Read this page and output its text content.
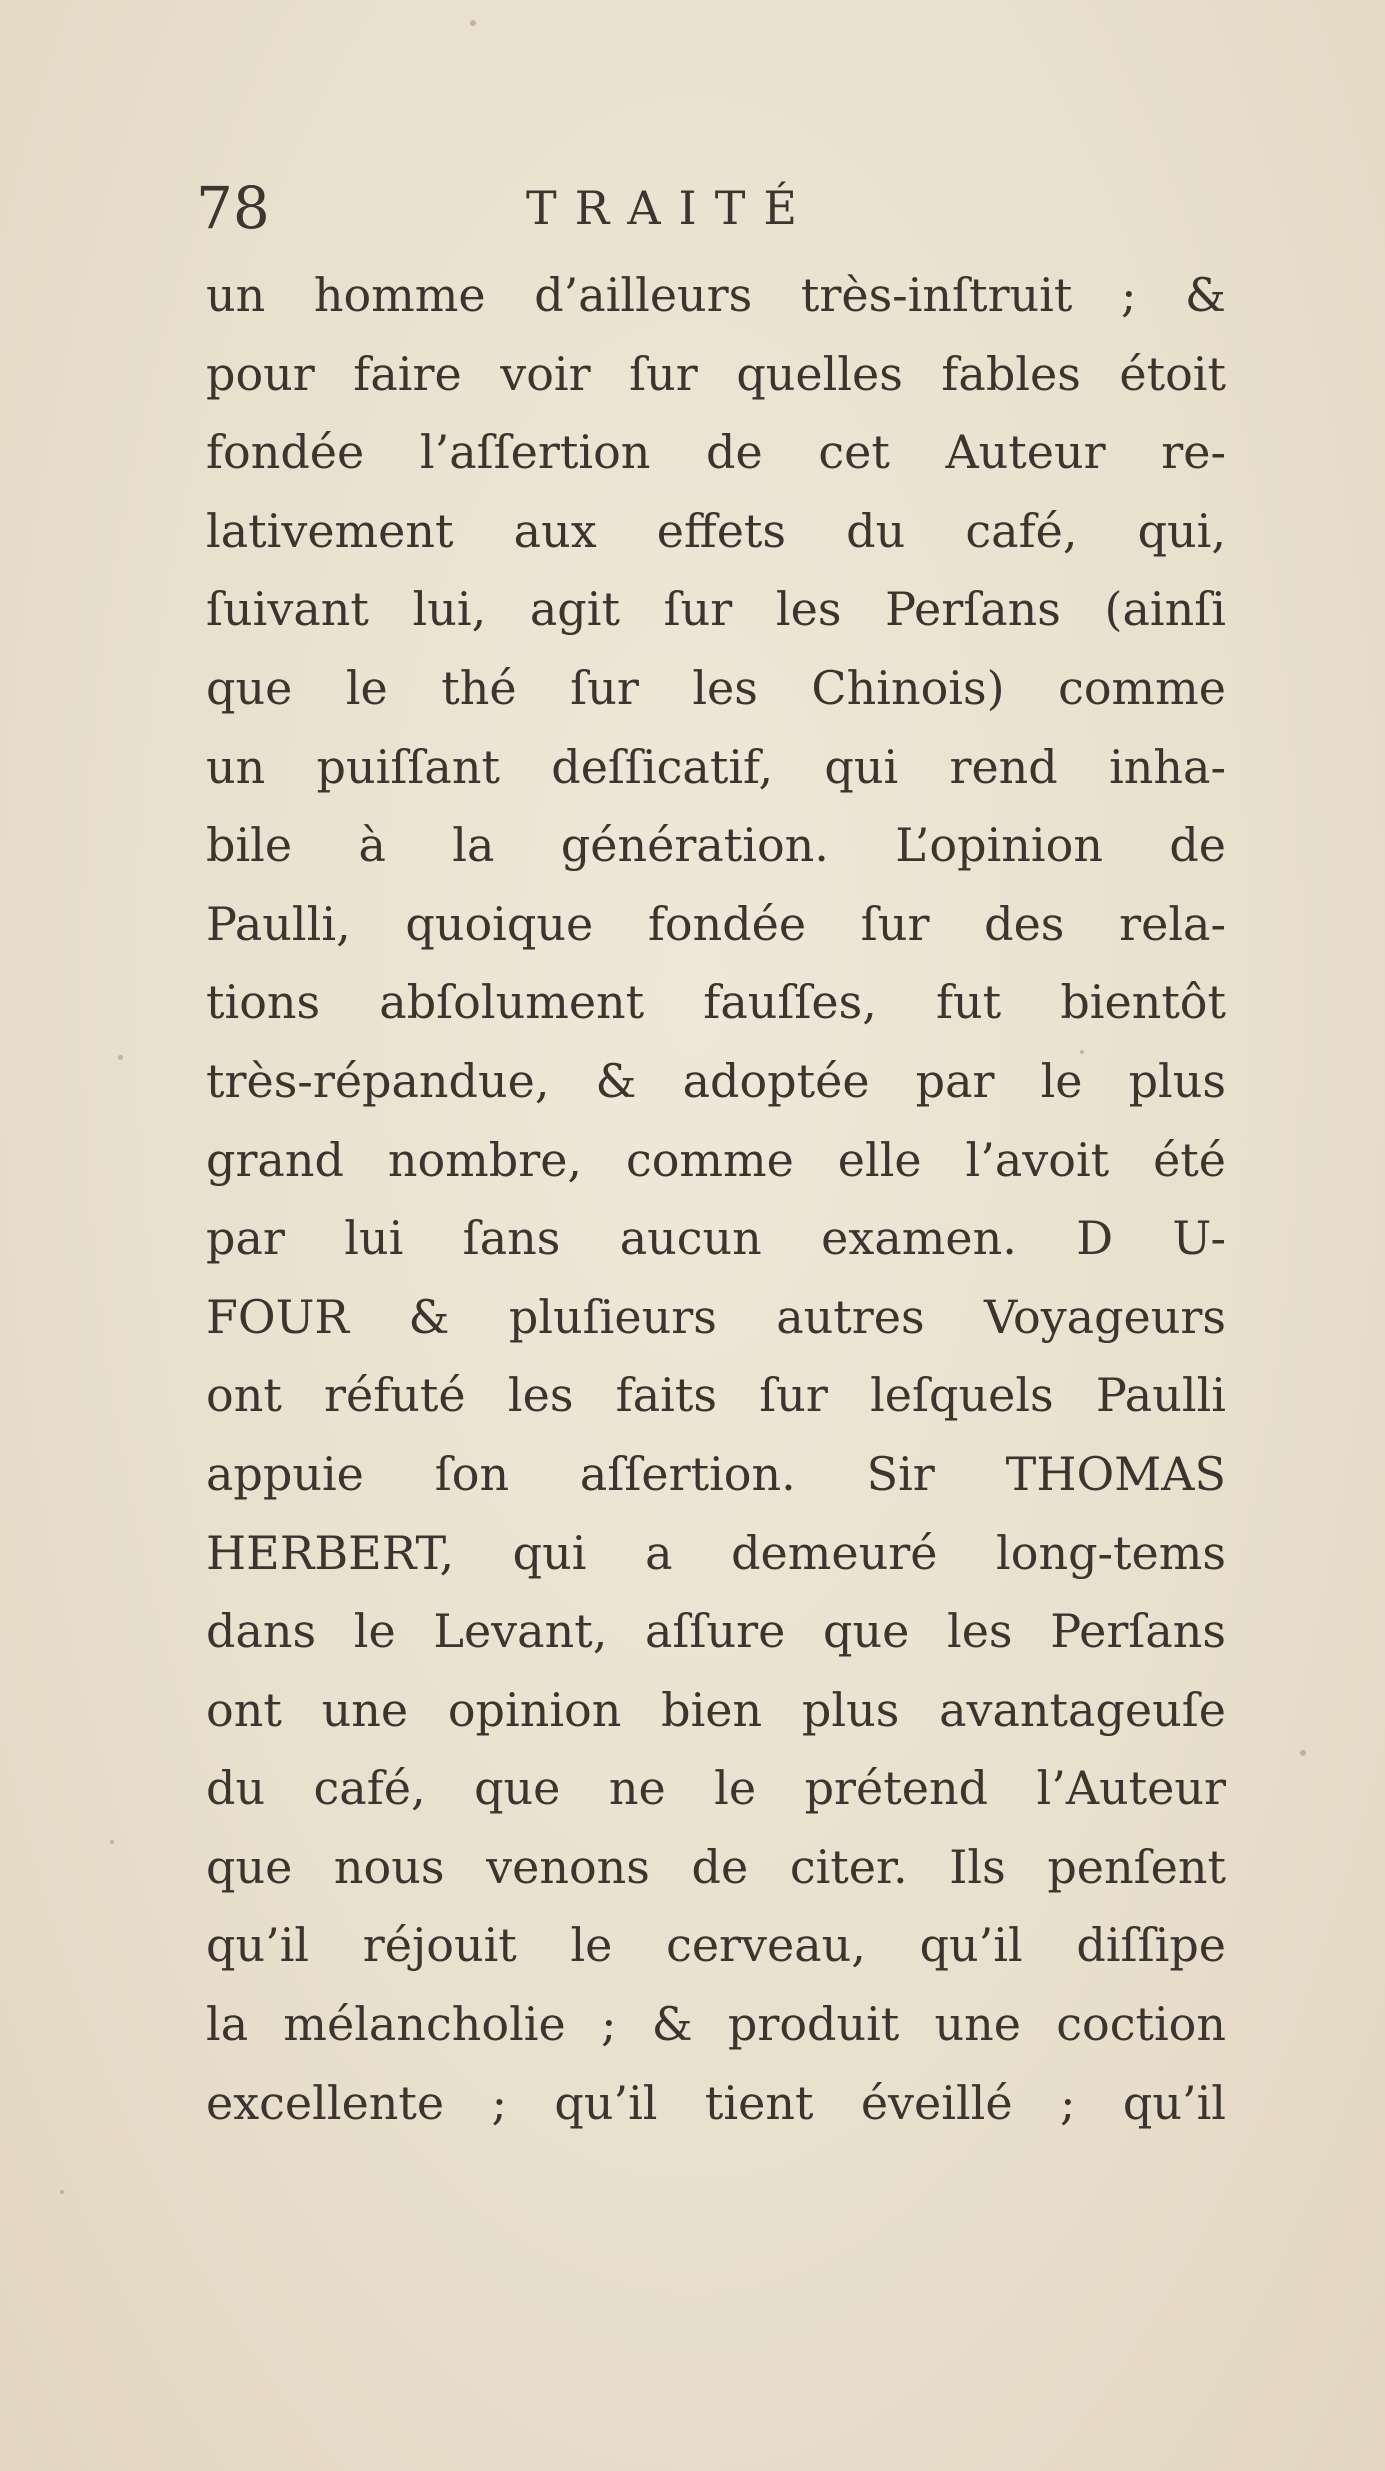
78	TRAITÉ
un homme d’ailleurs très-inſtruit ; &
pour faire voir ſur quelles fables étoit
fondée l’aſſertion de cet Auteur re-
lativement aux effets du café, qui,
ſuivant lui, agit ſur les Perſans (ainſi
que le thé ſur les Chinois) comme
un puiſſant deſſicatif, qui rend inha-
bile à la génération. L’opinion de
Paulli, quoique fondée ſur des rela-
tions abſolument fauſſes, fut bientôt
très-répandue, & adoptée par le plus
grand nombre, comme elle l’avoit été
par lui ſans aucun examen. D U-
FOUR & pluſieurs autres Voyageurs
ont réfuté les faits ſur leſquels Paulli
appuie ſon aſſertion. Sir THOMAS
HERBERT, qui a demeuré long-tems
dans le Levant, aſſure que les Perſans
ont une opinion bien plus avantageuſe
du café, que ne le prétend l’Auteur
que nous venons de citer. Ils penſent
qu’il réjouit le cerveau, qu’il diſſipe
la mélancholie ; & produit une coction
excellente ; qu’il tient éveillé ; qu’il
